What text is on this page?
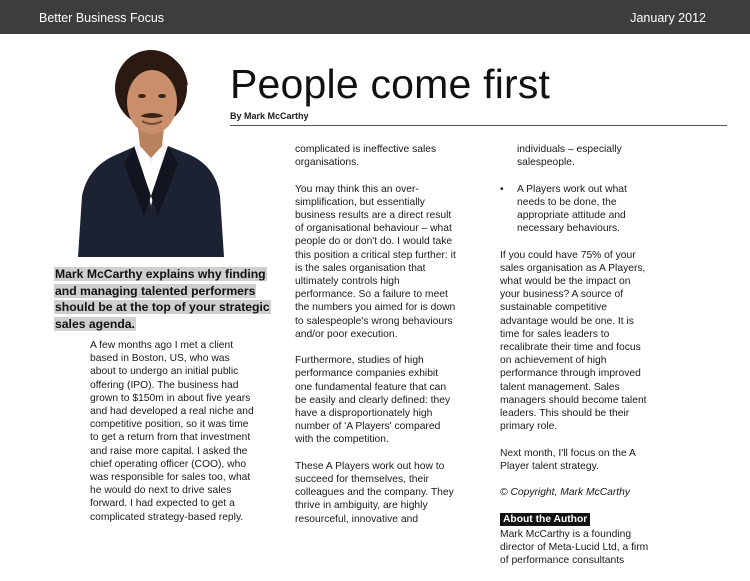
Better Business Focus	January 2012
People come first
By Mark McCarthy
Mark McCarthy explains why finding and managing talented performers should be at the top of your strategic sales agenda.

A few months ago I met a client based in Boston, US, who was about to undergo an initial public offering (IPO). The business had grown to $150m in about five years and had developed a real niche and competitive position, so it was time to get a return from that investment and raise more capital. I asked the chief operating officer (COO), who was responsible for sales too, what he would do next to drive sales forward. I had expected to get a complicated strategy-based reply.

complicated is ineffective sales organisations.

You may think this an over-simplification, but essentially business results are a direct result of organisational behaviour – what people do or don't do. I would take this position a critical step further: it is the sales organisation that ultimately controls high performance. So a failure to meet the numbers you aimed for is down to salespeople's wrong behaviours and/or poor execution.

Furthermore, studies of high performance companies exhibit one fundamental feature that can be easily and clearly defined: they have a disproportionately high number of 'A Players' compared with the competition.

These A Players work out how to succeed for themselves, their colleagues and the company. They thrive in ambiguity, are highly resourceful, innovative and

individuals – especially salespeople.

• A Players work out what needs to be done, the appropriate attitude and necessary behaviours.

If you could have 75% of your sales organisation as A Players, what would be the impact on your business? A source of sustainable competitive advantage would be one. It is time for sales leaders to recalibrate their time and focus on achievement of high performance through improved talent management. Sales managers should become talent leaders. This should be their primary role.

Next month, I'll focus on the A Player talent strategy.

© Copyright, Mark McCarthy

About the Author

Mark McCarthy is a founding director of Meta-Lucid Ltd, a firm of performance consultants
